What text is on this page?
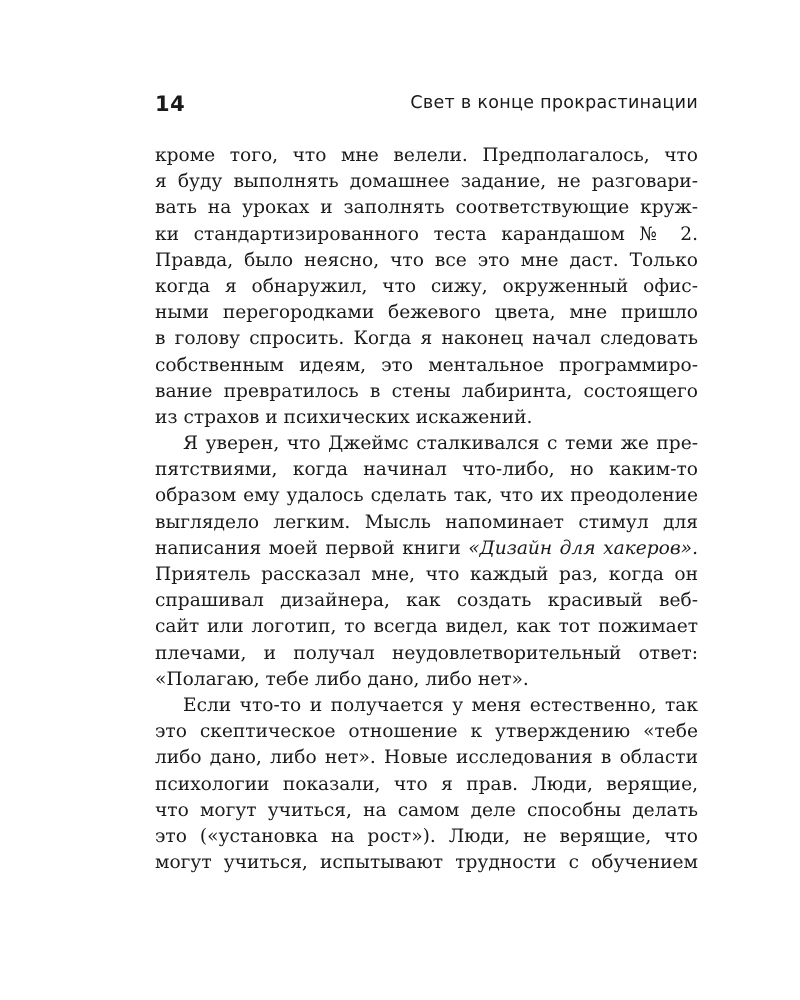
14	Свет в конце прокрастинации
кроме того, что мне велели. Предполагалось, что
я буду выполнять домашнее задание, не разговари-
вать на уроках и заполнять соответствующие круж-
ки стандартизированного теста карандашом № 2.
Правда, было неясно, что все это мне даст. Только
когда я обнаружил, что сижу, окруженный офис-
ными перегородками бежевого цвета, мне пришло
в голову спросить. Когда я наконец начал следовать
собственным идеям, это ментальное программиро-
вание превратилось в стены лабиринта, состоящего
из страхов и психических искажений.
Я уверен, что Джеймс сталкивался с теми же пре-
пятствиями, когда начинал что-либо, но каким-то
образом ему удалось сделать так, что их преодоление
выглядело легким. Мысль напоминает стимул для
написания моей первой книги «Дизайн для хакеров».
Приятель рассказал мне, что каждый раз, когда он
спрашивал дизайнера, как создать красивый веб-
сайт или логотип, то всегда видел, как тот пожимает
плечами, и получал неудовлетворительный ответ:
«Полагаю, тебе либо дано, либо нет».
Если что-то и получается у меня естественно, так
это скептическое отношение к утверждению «тебе
либо дано, либо нет». Новые исследования в области
психологии показали, что я прав. Люди, верящие,
что могут учиться, на самом деле способны делать
это («установка на рост»). Люди, не верящие, что
могут учиться, испытывают трудности с обучением
